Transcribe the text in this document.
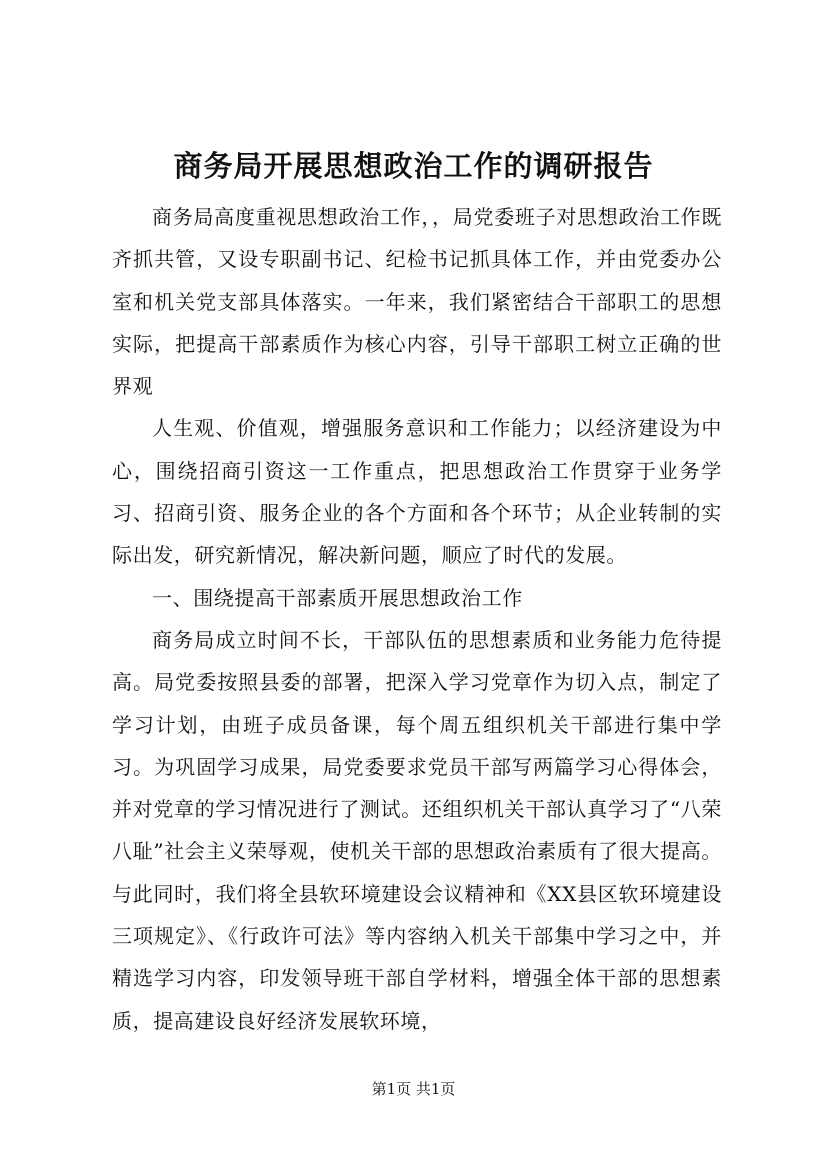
商务局开展思想政治工作的调研报告

商务局高度重视思想政治工作，，局党委班子对思想政治工作既齐抓共管，又设专职副书记、纪检书记抓具体工作，并由党委办公室和机关党支部具体落实。一年来，我们紧密结合干部职工的思想实际，把提高干部素质作为核心内容，引导干部职工树立正确的世界观

人生观、价值观，增强服务意识和工作能力；以经济建设为中心，围绕招商引资这一工作重点，把思想政治工作贯穿于业务学习、招商引资、服务企业的各个方面和各个环节；从企业转制的实际出发，研究新情况，解决新问题，顺应了时代的发展。

一、围绕提高干部素质开展思想政治工作

商务局成立时间不长，干部队伍的思想素质和业务能力危待提高。局党委按照县委的部署，把深入学习党章作为切入点，制定了学习计划，由班子成员备课，每个周五组织机关干部进行集中学习。为巩固学习成果，局党委要求党员干部写两篇学习心得体会，并对党章的学习情况进行了测试。还组织机关干部认真学习了“八荣八耻”社会主义荣辱观，使机关干部的思想政治素质有了很大提高。与此同时，我们将全县软环境建设会议精神和《XX县区软环境建设三项规定》、《行政许可法》等内容纳入机关干部集中学习之中，并精选学习内容，印发领导班干部自学材料，增强全体干部的思想素质，提高建设良好经济发展软环境，

第1页 共1页
